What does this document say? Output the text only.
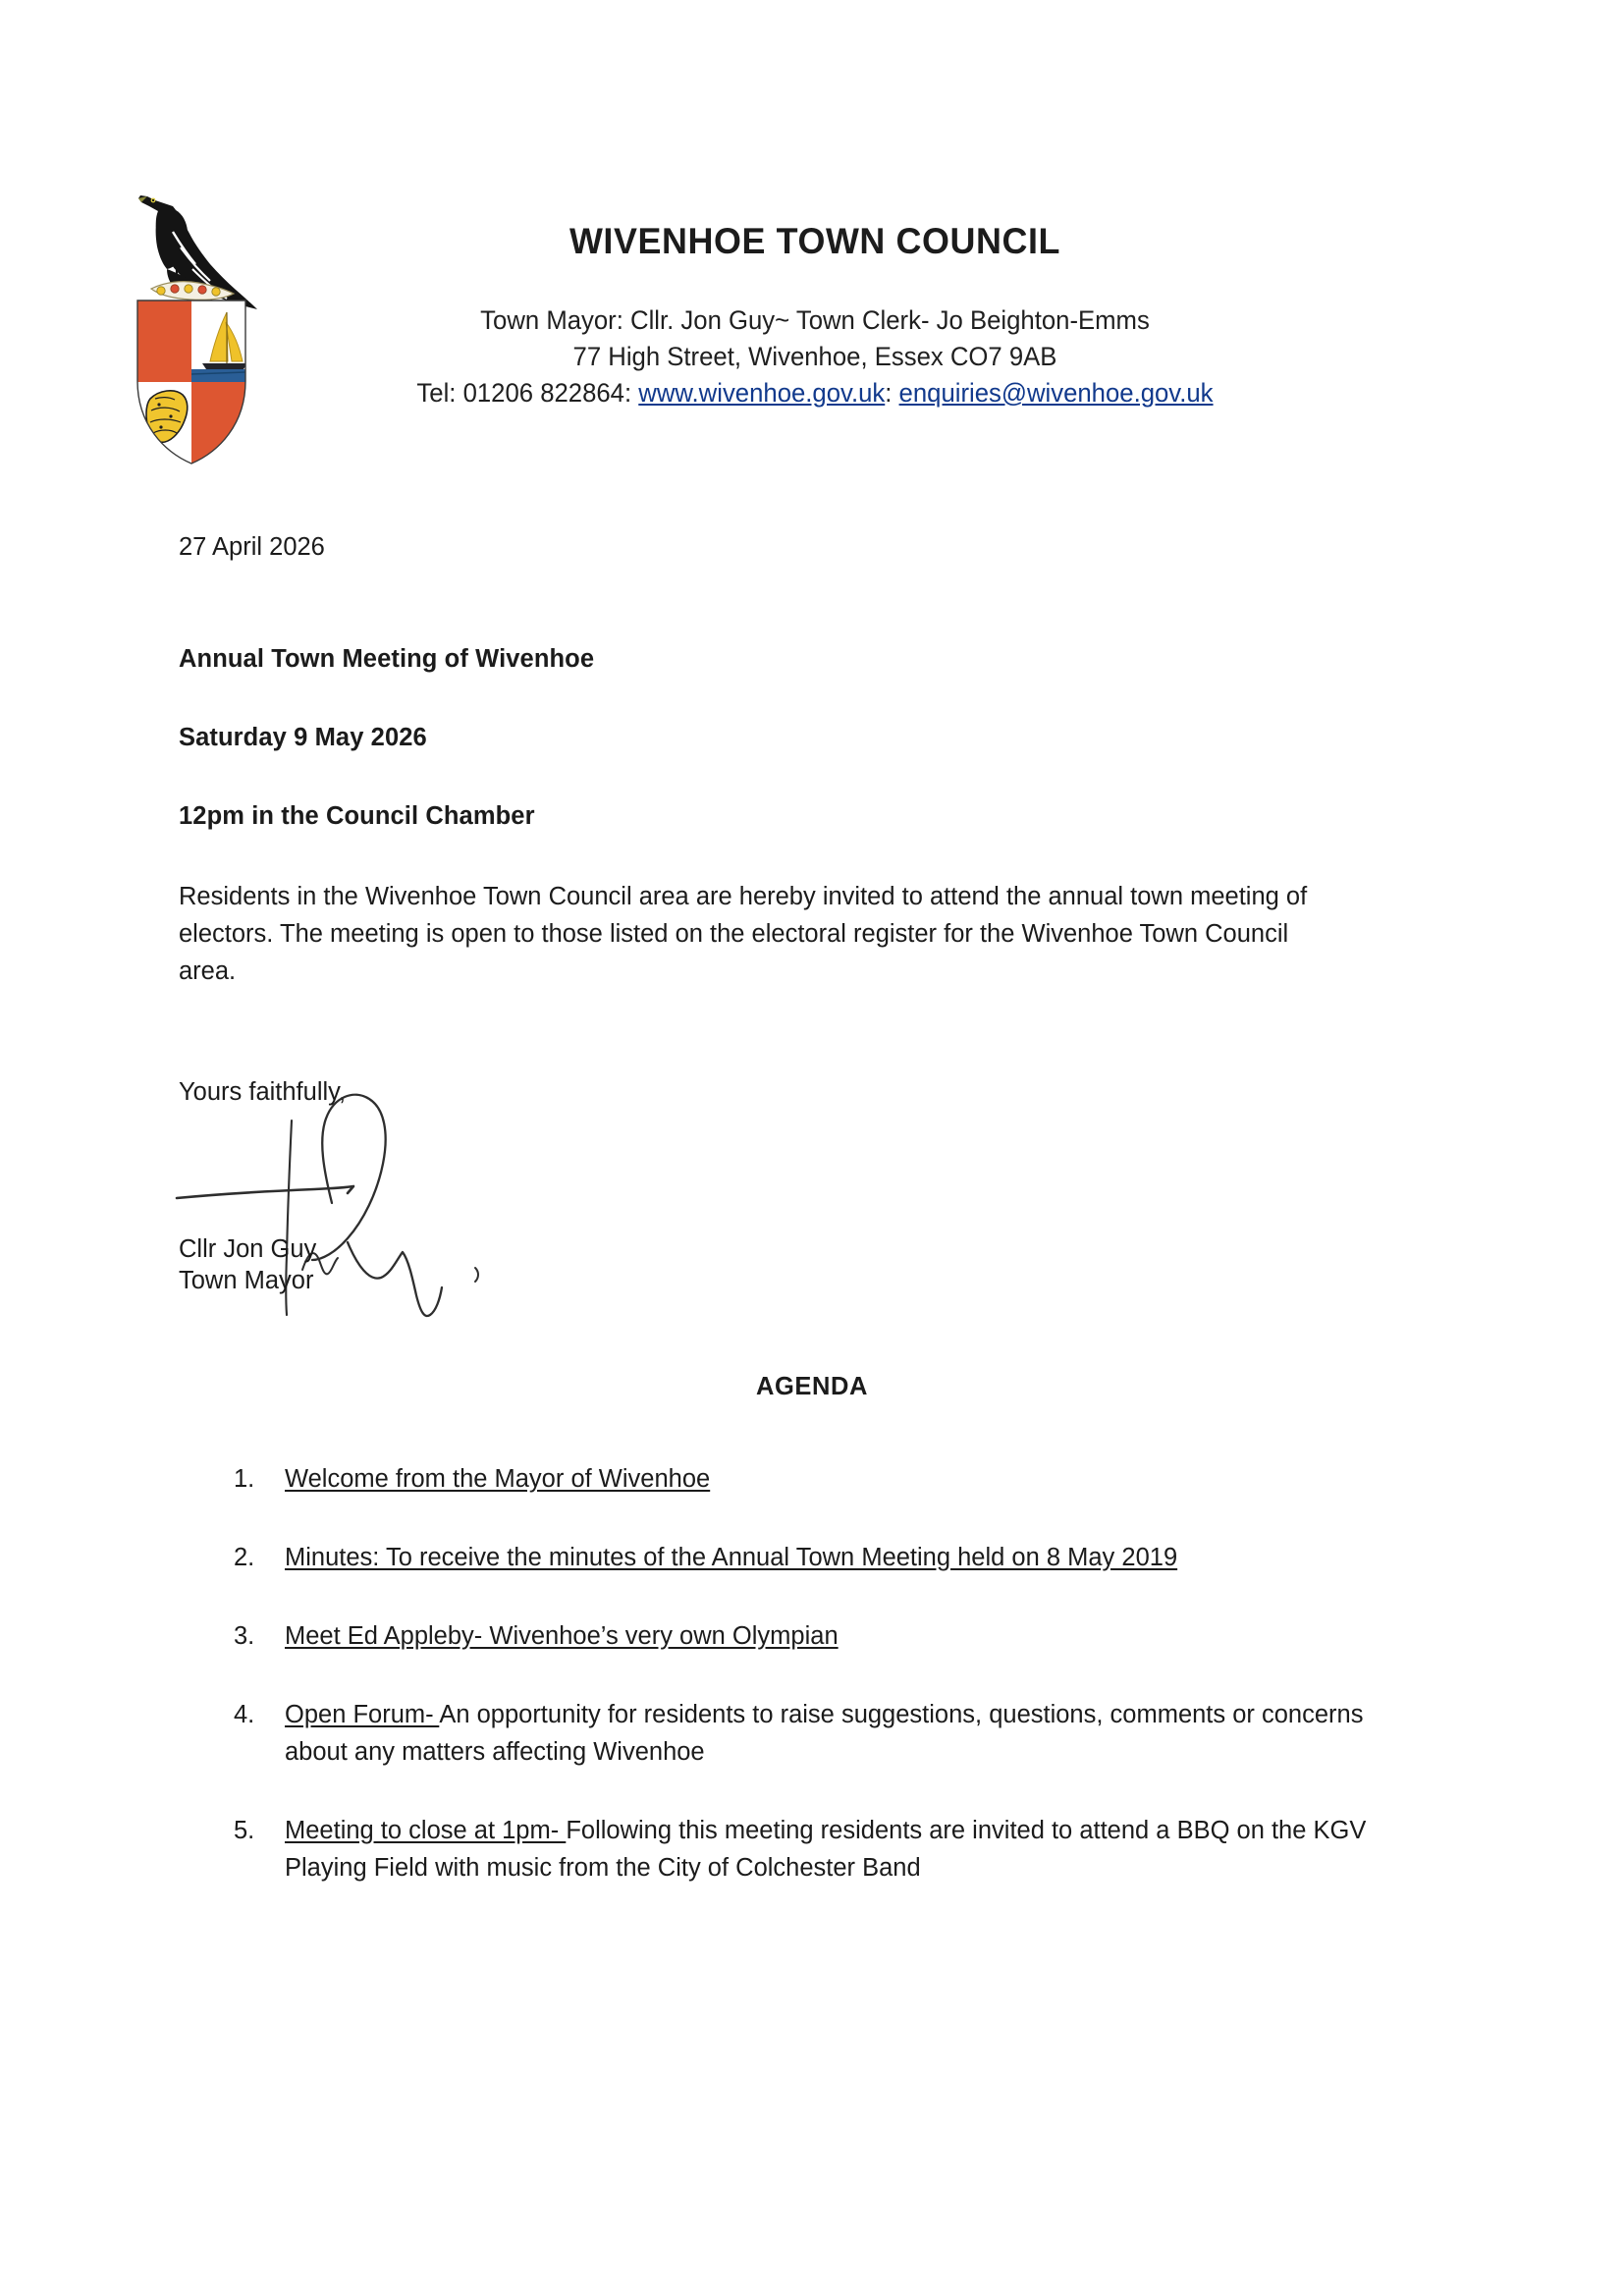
WIVENHOE TOWN COUNCIL
Town Mayor: Cllr. Jon Guy~ Town Clerk- Jo Beighton-Emms
77 High Street, Wivenhoe, Essex CO7 9AB
Tel: 01206 822864: www.wivenhoe.gov.uk: enquiries@wivenhoe.gov.uk
27 April 2026
Annual Town Meeting of Wivenhoe
Saturday 9 May 2026
12pm in the Council Chamber

Residents in the Wivenhoe Town Council area are hereby invited to attend the annual town meeting of electors. The meeting is open to those listed on the electoral register for the Wivenhoe Town Council area.

Yours faithfully,
Cllr Jon Guy
Town Mayor
AGENDA
1.	Welcome from the Mayor of Wivenhoe
2.	Minutes: To receive the minutes of the Annual Town Meeting held on 8 May 2019
3.	Meet Ed Appleby- Wivenhoe’s very own Olympian
4.	Open Forum- An opportunity for residents to raise suggestions, questions, comments or concerns about any matters affecting Wivenhoe
5.	Meeting to close at 1pm- Following this meeting residents are invited to attend a BBQ on the KGV Playing Field with music from the City of Colchester Band
